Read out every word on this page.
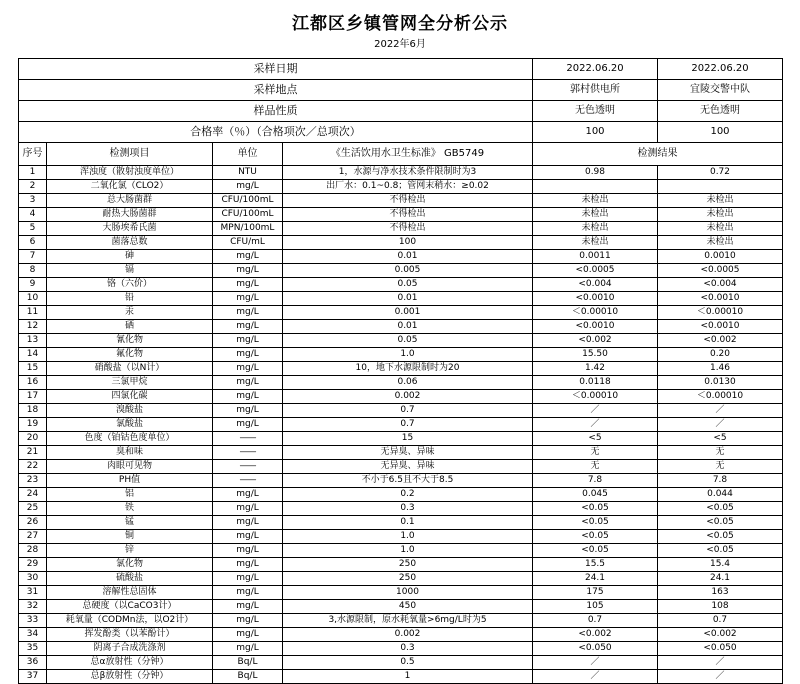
江都区乡镇管网全分析公示
2022年6月
采样日期				2022.06.20	2022.06.20
采样地点				郭村供电所	宜陵交警中队
样品性质				无色透明	无色透明
合格率（％）（合格项次／总项次）				100	100
序号	检测项目	单位	《生活饮用水卫生标准》 GB5749	检测结果	
1	浑浊度（散射浊度单位）	NTU	1，水源与净水技术条件限制时为3	0.98	0.72
2	二氧化氯（CLO2）	mg/L	出厂水：0.1~0.8；管网末稍水：≥0.02		
3	总大肠菌群	CFU/100mL	不得检出	未检出	未检出
4	耐热大肠菌群	CFU/100mL	不得检出	未检出	未检出
5	大肠埃希氏菌	MPN/100mL	不得检出	未检出	未检出
6	菌落总数	CFU/mL	100	未检出	未检出
7	砷	mg/L	0.01	0.0011	0.0010
8	镉	mg/L	0.005	<0.0005	<0.0005
9	铬（六价）	mg/L	0.05	<0.004	<0.004
10	铅	mg/L	0.01	<0.0010	<0.0010
11	汞	mg/L	0.001	＜0.00010	＜0.00010
12	硒	mg/L	0.01	<0.0010	<0.0010
13	氰化物	mg/L	0.05	<0.002	<0.002
14	氟化物	mg/L	1.0	15.50	0.20
15	硝酸盐（以N计）	mg/L	10，地下水源限制时为20	1.42	1.46
16	三氯甲烷	mg/L	0.06	0.0118	0.0130
17	四氯化碳	mg/L	0.002	＜0.00010	＜0.00010
18	溴酸盐	mg/L	0.7	／	／
19	氯酸盐	mg/L	0.7	／	／
20	色度（铂钴色度单位）	——	15	<5	<5
21	臭和味	——	无异臭、异味	无	无
22	肉眼可见物	——	无异臭、异味	无	无
23	PH值	——	不小于6.5且不大于8.5	7.8	7.8
24	铝	mg/L	0.2	0.045	0.044
25	铁	mg/L	0.3	<0.05	<0.05
26	锰	mg/L	0.1	<0.05	<0.05
27	铜	mg/L	1.0	<0.05	<0.05
28	锌	mg/L	1.0	<0.05	<0.05
29	氯化物	mg/L	250	15.5	15.4
30	硫酸盐	mg/L	250	24.1	24.1
31	溶解性总固体	mg/L	1000	175	163
32	总硬度（以CaCO3计）	mg/L	450	105	108
33	耗氧量（CODMn法，以O2计）	mg/L	3,水源限制，原水耗氧量>6mg/L时为5	0.7	0.7
34	挥发酚类（以苯酚计）	mg/L	0.002	<0.002	<0.002
35	阴离子合成洗涤剂	mg/L	0.3	<0.050	<0.050
36	总α放射性（分钟）	Bq/L	0.5	／	／
37	总β放射性（分钟）	Bq/L	1	／	／
